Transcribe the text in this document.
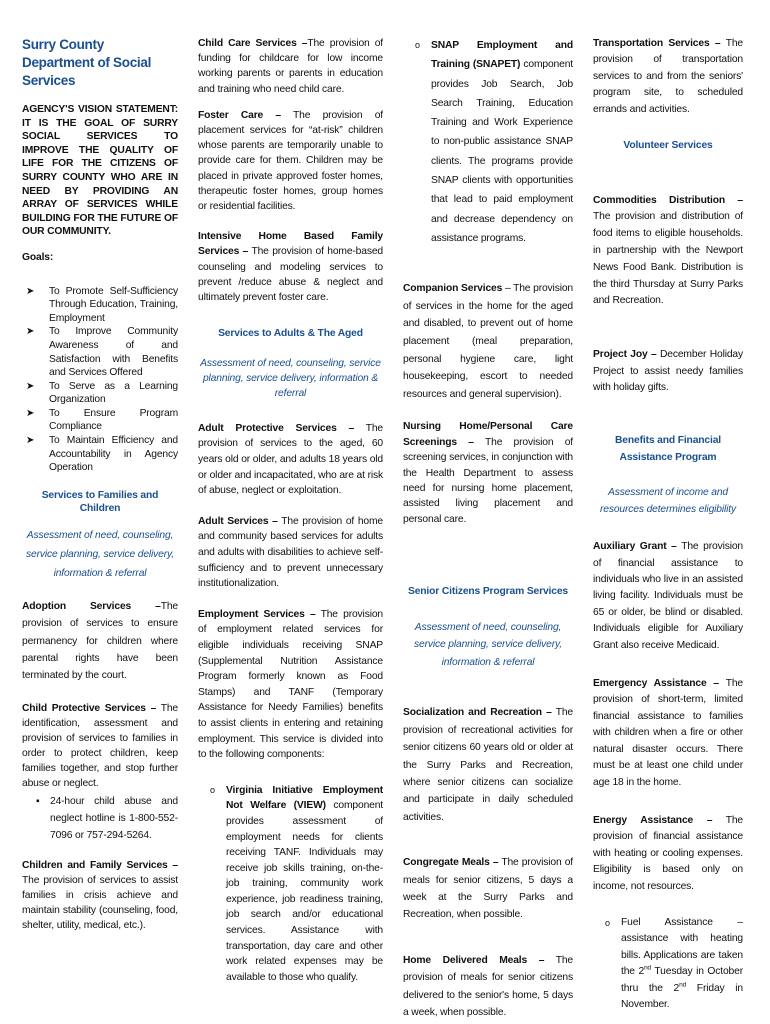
Surry County
Department of Social Services

AGENCY'S VISION STATEMENT: IT IS THE GOAL OF SURRY SOCIAL SERVICES TO IMPROVE THE QUALITY OF LIFE FOR THE CITIZENS OF SURRY COUNTY WHO ARE IN NEED BY PROVIDING AN ARRAY OF SERVICES WHILE BUILDING FOR THE FUTURE OF OUR COMMUNITY.

Goals:
➤ To Promote Self-Sufficiency Through Education, Training, Employment
➤ To Improve Community Awareness of and Satisfaction with Benefits and Services Offered
➤ To Serve as a Learning Organization
➤ To Ensure Program Compliance
➤ To Maintain Efficiency and Accountability in Agency Operation
Services to Families and Children
Assessment of need, counseling, service planning, service delivery, information & referral

Adoption Services –The provision of services to ensure permanency for children where parental rights have been terminated by the court.

Child Protective Services – The identification, assessment and provision of services to families in order to protect children, keep families together, and stop further abuse or neglect.

▪ 24-hour child abuse and neglect hotline is 1-800-552-7096 or 757-294-5264.

Children and Family Services –The provision of services to assist families in crisis achieve and maintain stability (counseling, food, shelter, utility, medical, etc.).

Child Care Services –The provision of funding for childcare for low income working parents or parents in education and training who need child care.

Foster Care – The provision of placement services for “at-risk” children whose parents are temporarily unable to provide care for them. Children may be placed in private approved foster homes, therapeutic foster homes, group homes or residential facilities.

Intensive Home Based Family Services – The provision of home-based counseling and modeling services to prevent /reduce abuse & neglect and ultimately prevent foster care.

Services to Adults & The Aged
Assessment of need, counseling, service planning, service delivery, information & referral

Adult Protective Services – The provision of services to the aged, 60 years old or older, and adults 18 years old or older and incapacitated, who are at risk of abuse, neglect or exploitation.

Adult Services – The provision of home and community based services for adults and adults with disabilities to achieve self-sufficiency and to prevent unnecessary institutionalization.

Employment Services – The provision of employment related services for eligible individuals receiving SNAP (Supplemental Nutrition Assistance Program formerly known as Food Stamps) and TANF (Temporary Assistance for Needy Families) benefits to assist clients in entering and retaining employment. This service is divided into to the following components:

o Virginia Initiative Employment Not Welfare (VIEW) component provides assessment of employment needs for clients receiving TANF. Individuals may receive job skills training, on-the-job training, community work experience, job readiness training, job search and/or educational services. Assistance with transportation, day care and other work related expenses may be available to those who qualify.
o SNAP Employment and Training (SNAPET) component provides Job Search, Job Search Training, Education Training and Work Experience to non-public assistance SNAP clients. The programs provide SNAP clients with opportunities that lead to paid employment and decrease dependency on assistance programs.

Companion Services – The provision of services in the home for the aged and disabled, to prevent out of home placement (meal preparation, personal hygiene care, light housekeeping, escort to needed resources and general supervision).

Nursing Home/Personal Care Screenings – The provision of screening services, in conjunction with the Health Department to assess need for nursing home placement, assisted living placement and personal care.

Senior Citizens Program Services
Assessment of need, counseling, service planning, service delivery, information & referral

Socialization and Recreation – The provision of recreational activities for senior citizens 60 years old or older at the Surry Parks and Recreation, where senior citizens can socialize and participate in daily scheduled activities.

Congregate Meals – The provision of meals for senior citizens, 5 days a week at the Surry Parks and Recreation, when possible.

Home Delivered Meals – The provision of meals for senior citizens delivered to the senior's home, 5 days a week, when possible.

Transportation Services – The provision of transportation services to and from the seniors' program site, to scheduled errands and activities.

Volunteer Services

Commodities Distribution – The provision and distribution of food items to eligible households. in partnership with the Newport News Food Bank. Distribution is the third Thursday at Surry Parks and Recreation.

Project Joy – December Holiday Project to assist needy families with holiday gifts.

Benefits and Financial Assistance Program
Assessment of income and resources determines eligibility

Auxiliary Grant – The provision of financial assistance to individuals who live in an assisted living facility. Individuals must be 65 or older, be blind or disabled. Individuals eligible for Auxiliary Grant also receive Medicaid.

Emergency Assistance – The provision of short-term, limited financial assistance to families with children when a fire or other natural disaster occurs. There must be at least one child under age 18 in the home.

Energy Assistance – The provision of financial assistance with heating or cooling expenses. Eligibility is based only on income, not resources.

o Fuel Assistance – assistance with heating bills. Applications are taken the 2nd Tuesday in October thru the 2nd Friday in November.
